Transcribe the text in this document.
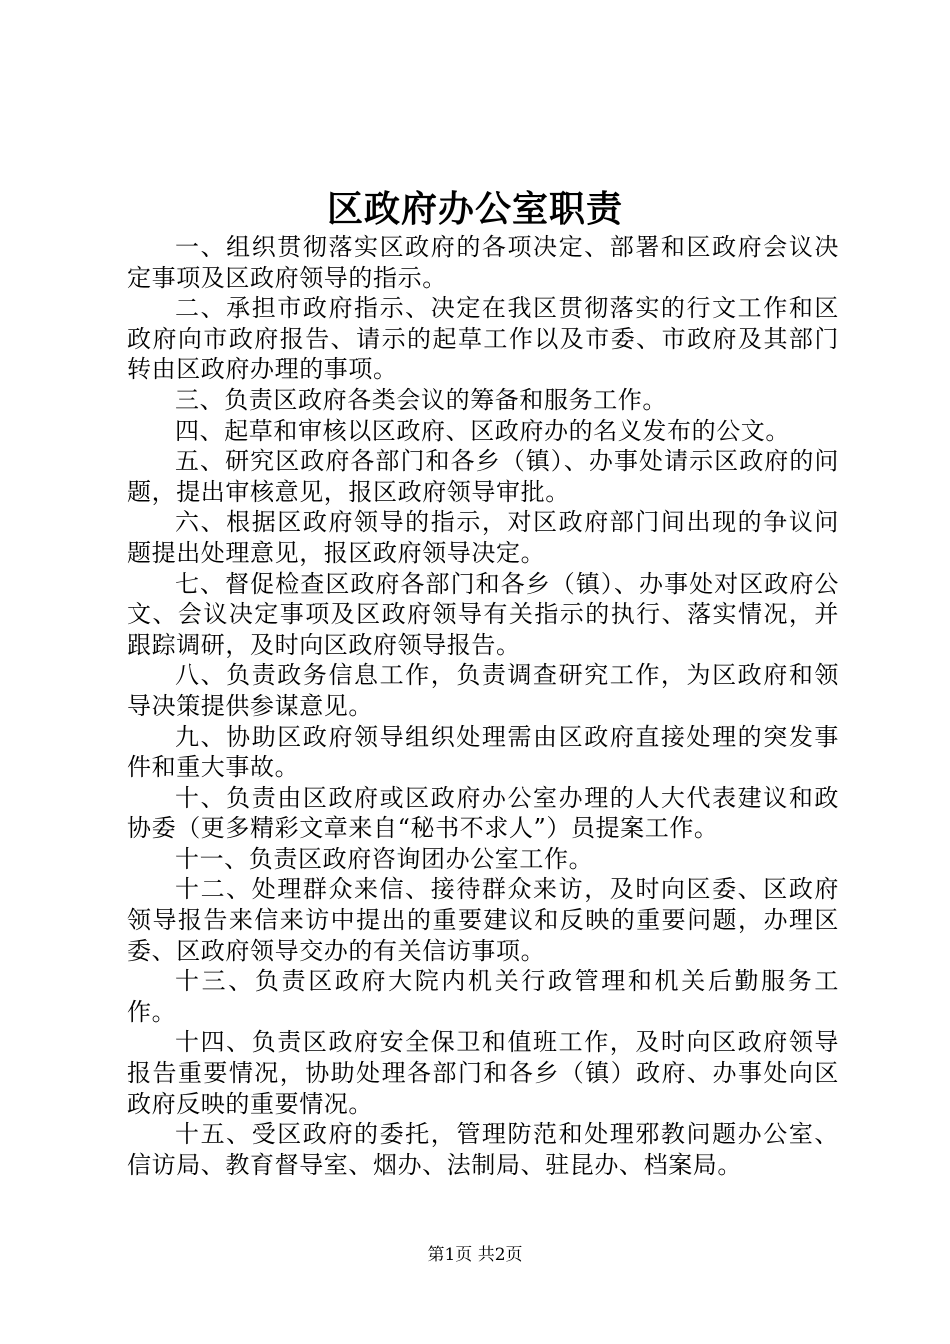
区政府办公室职责

一、组织贯彻落实区政府的各项决定、部署和区政府会议决定事项及区政府领导的指示。

二、承担市政府指示、决定在我区贯彻落实的行文工作和区政府向市政府报告、请示的起草工作以及市委、市政府及其部门转由区政府办理的事项。

三、负责区政府各类会议的筹备和服务工作。

四、起草和审核以区政府、区政府办的名义发布的公文。

五、研究区政府各部门和各乡（镇）、办事处请示区政府的问题，提出审核意见，报区政府领导审批。

六、根据区政府领导的指示，对区政府部门间出现的争议问题提出处理意见，报区政府领导决定。

七、督促检查区政府各部门和各乡（镇）、办事处对区政府公文、会议决定事项及区政府领导有关指示的执行、落实情况，并跟踪调研，及时向区政府领导报告。

八、负责政务信息工作，负责调查研究工作，为区政府和领导决策提供参谋意见。

九、协助区政府领导组织处理需由区政府直接处理的突发事件和重大事故。

十、负责由区政府或区政府办公室办理的人大代表建议和政协委（更多精彩文章来自“秘书不求人”）员提案工作。

十一、负责区政府咨询团办公室工作。

十二、处理群众来信、接待群众来访，及时向区委、区政府领导报告来信来访中提出的重要建议和反映的重要问题，办理区委、区政府领导交办的有关信访事项。

十三、负责区政府大院内机关行政管理和机关后勤服务工作。

十四、负责区政府安全保卫和值班工作，及时向区政府领导报告重要情况，协助处理各部门和各乡（镇）政府、办事处向区政府反映的重要情况。

十五、受区政府的委托，管理防范和处理邪教问题办公室、信访局、教育督导室、烟办、法制局、驻昆办、档案局。

第1页 共2页
